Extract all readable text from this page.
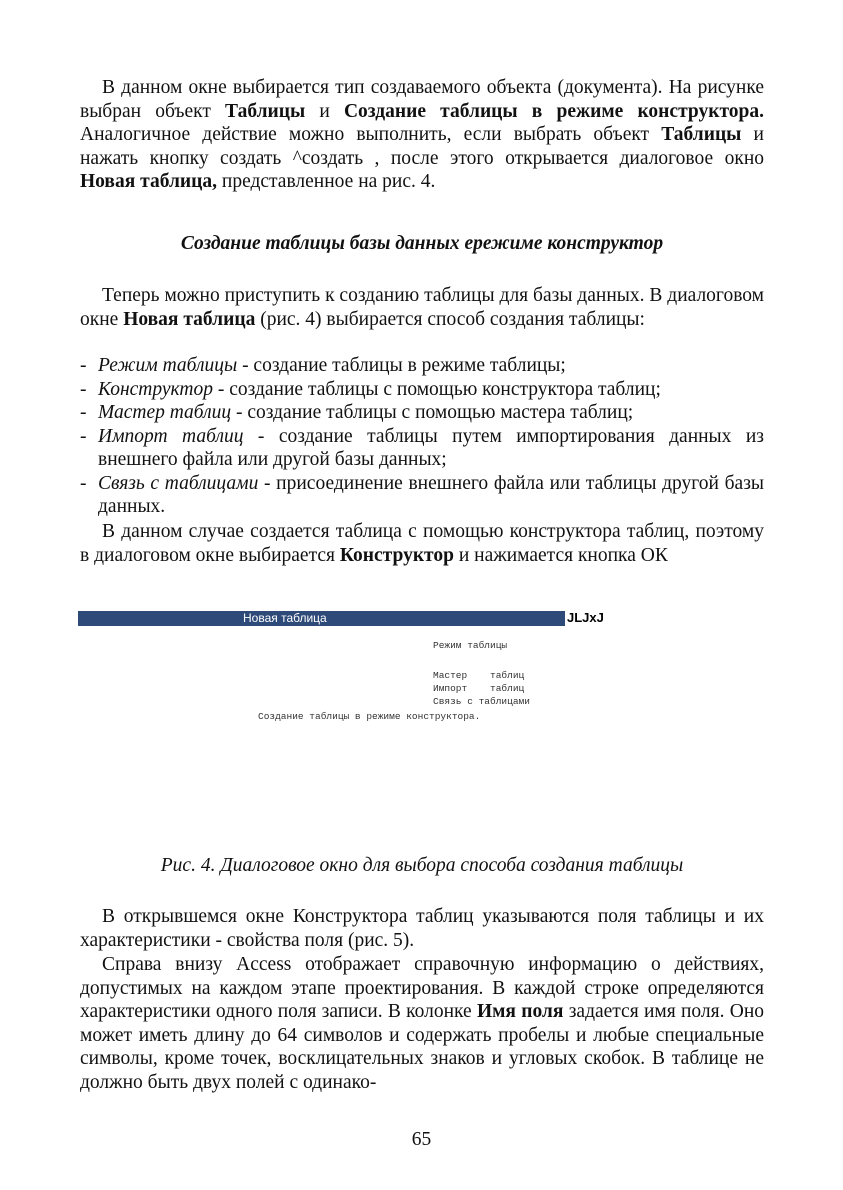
В данном окне выбирается тип создаваемого объекта (документа). На рисунке выбран объект Таблицы и Создание таблицы в режиме конструктора. Аналогичное действие можно выполнить, если выбрать объект Таблицы и нажать кнопку создать ^создать , после этого открывается диалоговое окно Новая таблица, представленное на рис. 4.

Создание таблицы базы данных ережиме конструктор

Теперь можно приступить к созданию таблицы для базы данных. В диалоговом окне Новая таблица (рис. 4) выбирается способ создания таблицы:

- Режим таблицы - создание таблицы в режиме таблицы;
- Конструктор - создание таблицы с помощью конструктора таблиц;
- Мастер таблиц - создание таблицы с помощью мастера таблиц;
- Импорт таблиц - создание таблицы путем импортирования данных из внешнего файла или другой базы данных;
- Связь с таблицами - присоединение внешнего файла или таблицы другой базы данных.

В данном случае создается таблица с помощью конструктора таблиц, поэтому в диалоговом окне выбирается Конструктор и нажимается кнопка ОК

Новая таблица	JLJxJ
Режим таблицы
Мастер    таблиц
Импорт    таблиц
Связь с таблицами
Создание таблицы в режиме конструктора.

Рис. 4. Диалоговое окно для выбора способа создания таблицы

В открывшемся окне Конструктора таблиц указываются поля таблицы и их характеристики - свойства поля (рис. 5).

Справа внизу Access отображает справочную информацию о действиях, допустимых на каждом этапе проектирования. В каждой строке определяются характеристики одного поля записи. В колонке Имя поля задается имя поля. Оно может иметь длину до 64 символов и содержать пробелы и любые специальные символы, кроме точек, восклицательных знаков и угловых скобок. В таблице не должно быть двух полей с одинако-

65
